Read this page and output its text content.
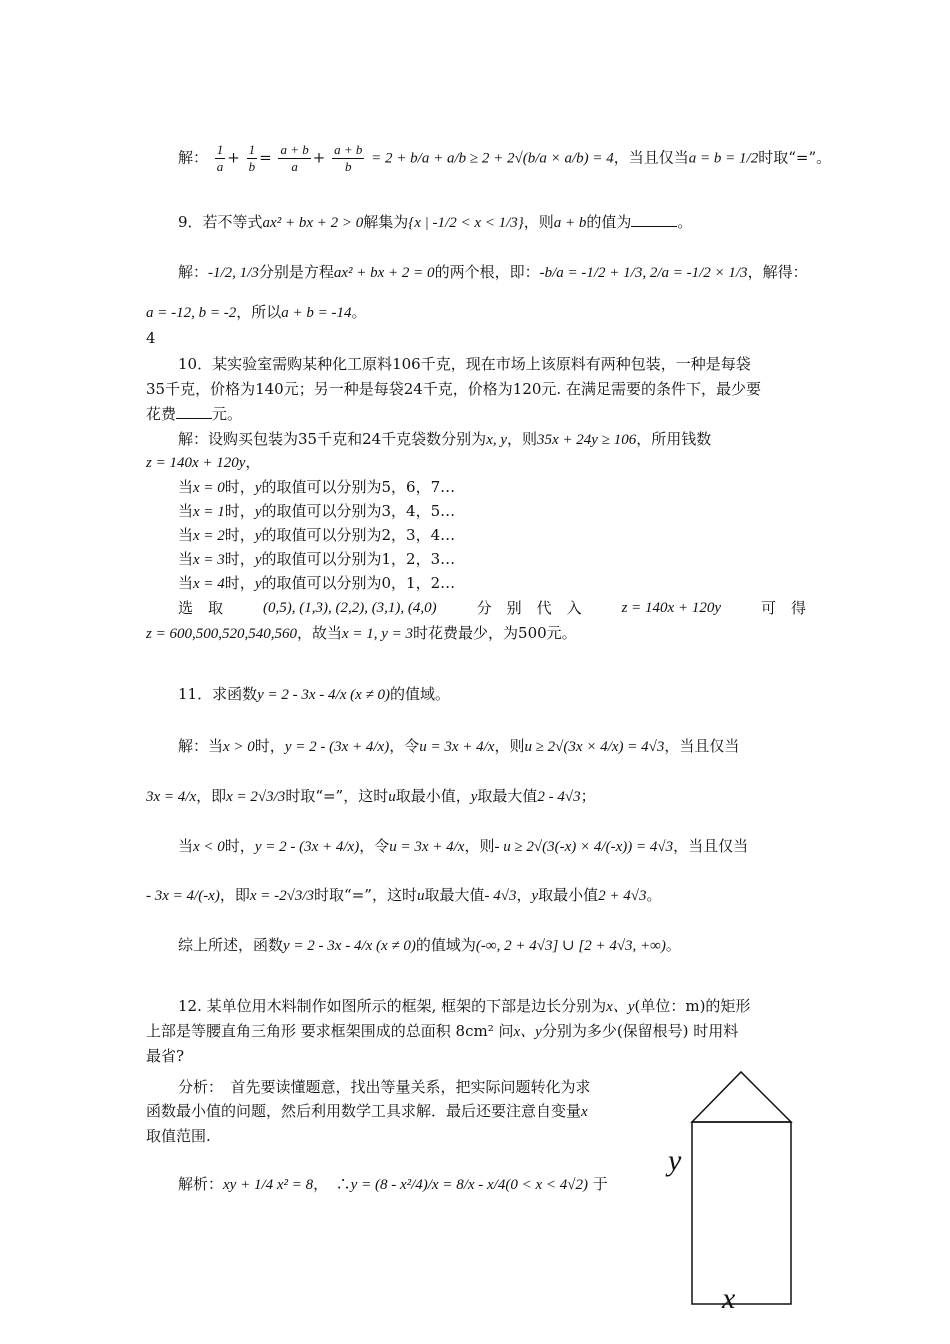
解： $\frac{1}{a} + \frac{1}{b} = \frac{a + b}{a} + \frac{a + b}{b} = 2 + b/a + a/b \ge 2 + 2√(b/a \times a/b) = 4$，当且仅当a = b = 1/2时取“=”。
9．若不等式ax² + bx + 2 > 0解集为{x | -1/2 < x < 1/3}，则a + b的值为	。
解：-1/2, 1/3分别是方程ax² + bx + 2 = 0的两个根，即：-b/a = -1/2 + 1/3, 2/a = -1/2 × 1/3，解得：
a = -12, b = -2，所以a + b = -14。
4
10．某实验室需购某种化工原料106千克，现在市场上该原料有两种包装，一种是每袋
35千克，价格为140元；另一种是每袋24千克，价格为120元. 在满足需要的条件下，最少要
花费 元。
解：设购买包装为35千克和24千克袋数分别为x, y，则35x + 24y ≥ 106，所用钱数
z = 140x + 120y，
当x = 0时，y的取值可以分别为5，6，7…
当x = 1时，y的取值可以分别为3，4，5…
当x = 2时，y的取值可以分别为2，3，4…
当x = 3时，y的取值可以分别为1，2，3…
当x = 4时，y的取值可以分别为0，1，2…
选　取	(0,5), (1,3), (2,2), (3,1), (4,0)	分　别　代　入	z = 140x + 120y	可　得
z = 600,500,520,540,560，故当x = 1, y = 3时花费最少，为500元。
11．求函数y = 2 - 3x - 4/x (x ≠ 0)的值域。
解：当x > 0时，y = 2 - (3x + 4/x)，令u = 3x + 4/x，则u ≥ 2√(3x × 4/x) = 4√3，当且仅当
3x = 4/x，即x = 2√3/3时取“=”，这时u取最小值，y取最大值2 - 4√3；
当x < 0时，y = 2 - (3x + 4/x)，令u = 3x + 4/x，则- u ≥ 2√(3(-x) × 4/(-x)) = 4√3，当且仅当
- 3x = 4/(-x)，即x = -2√3/3时取“=”，这时u取最大值- 4√3，y取最小值2 + 4√3。
综上所述，函数y = 2 - 3x - 4/x (x ≠ 0)的值域为(-∞, 2 + 4√3] ∪ [2 + 4√3, +∞)。
12. 某单位用木料制作如图所示的框架, 框架的下部是边长分别为x、y(单位：m)的矩形
上部是等腰直角三角形 要求框架围成的总面积 8cm² 问x、y分别为多少(保留根号) 时用料
最省?
分析：　首先要读懂题意，找出等量关系，把实际问题转化为求
函数最小值的问题，然后利用数学工具求解．最后还要注意自变量x
取值范围.
解析：xy + 1/4 x² = 8，　∴y = (8 - x²/4)/x = 8/x - x/4(0 < x < 4√2) 于
y
x
